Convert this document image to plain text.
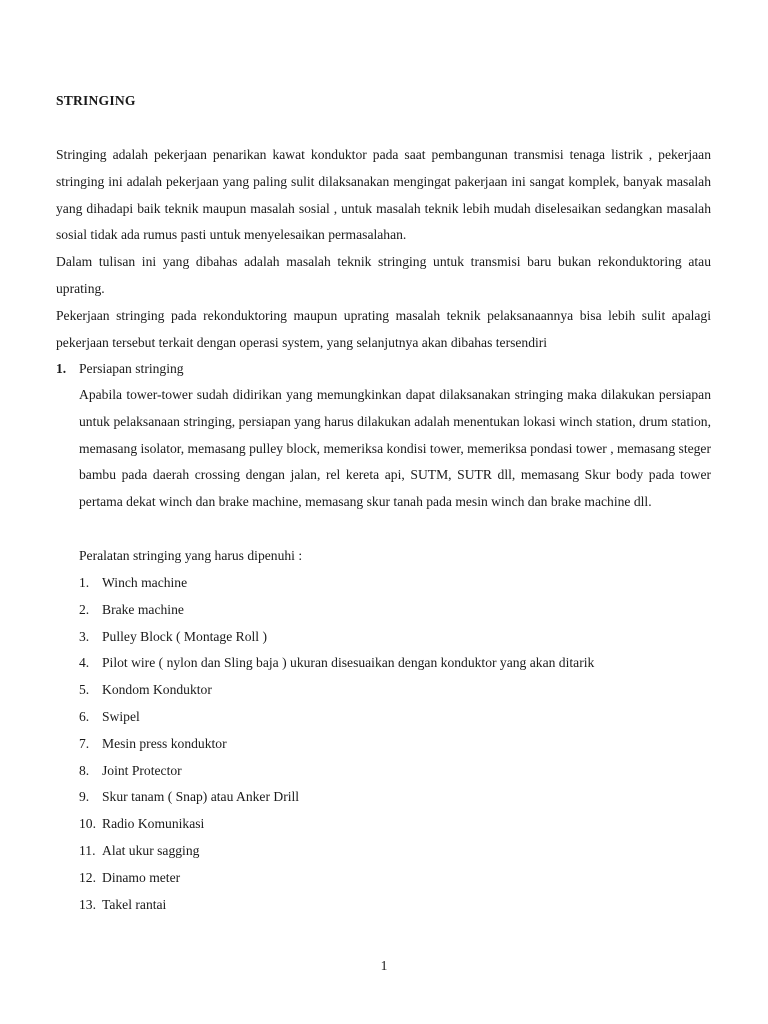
STRINGING
Stringing adalah pekerjaan penarikan kawat konduktor pada saat pembangunan transmisi tenaga listrik , pekerjaan stringing ini adalah pekerjaan yang paling sulit dilaksanakan mengingat pakerjaan ini sangat komplek, banyak masalah yang dihadapi baik teknik maupun masalah sosial , untuk masalah teknik lebih mudah diselesaikan sedangkan masalah sosial tidak ada rumus pasti untuk menyelesaikan permasalahan.
Dalam tulisan ini yang dibahas adalah masalah teknik stringing untuk transmisi baru bukan rekonduktoring atau uprating.
Pekerjaan stringing pada rekonduktoring maupun uprating masalah teknik pelaksanaannya bisa lebih sulit apalagi pekerjaan tersebut terkait dengan operasi system, yang selanjutnya akan dibahas tersendiri
1. Persiapan stringing
Apabila tower-tower sudah didirikan yang memungkinkan dapat dilaksanakan stringing maka dilakukan persiapan untuk pelaksanaan stringing, persiapan yang harus dilakukan adalah menentukan lokasi winch station, drum station, memasang isolator, memasang pulley block, memeriksa kondisi tower, memeriksa pondasi tower , memasang steger bambu pada daerah crossing dengan jalan, rel kereta api, SUTM, SUTR dll, memasang Skur body pada tower pertama dekat winch dan brake machine, memasang skur tanah pada mesin winch dan brake machine dll.
Peralatan stringing yang harus dipenuhi :
1. Winch machine
2. Brake machine
3. Pulley Block ( Montage Roll )
4. Pilot wire ( nylon dan Sling baja ) ukuran disesuaikan dengan konduktor yang akan ditarik
5. Kondom Konduktor
6. Swipel
7. Mesin press konduktor
8. Joint Protector
9. Skur tanam ( Snap) atau Anker Drill
10. Radio Komunikasi
11. Alat ukur sagging
12. Dinamo meter
13. Takel rantai
1
